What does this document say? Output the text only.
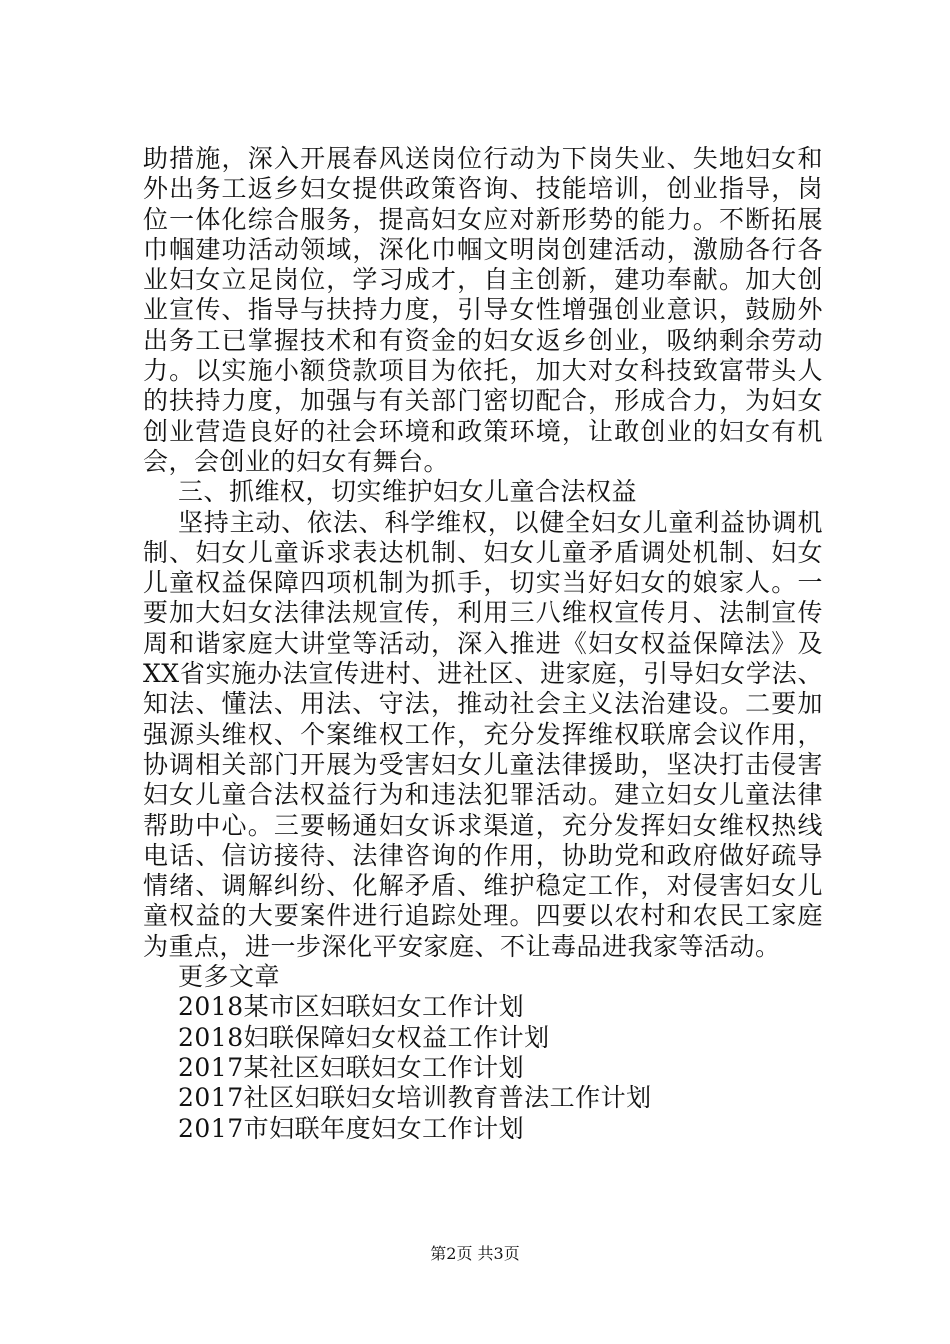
助措施，深入开展春风送岗位行动为下岗失业、失地妇女和外出务工返乡妇女提供政策咨询、技能培训，创业指导，岗位一体化综合服务，提高妇女应对新形势的能力。不断拓展巾帼建功活动领域，深化巾帼文明岗创建活动，激励各行各业妇女立足岗位，学习成才，自主创新，建功奉献。加大创业宣传、指导与扶持力度，引导女性增强创业意识，鼓励外出务工已掌握技术和有资金的妇女返乡创业，吸纳剩余劳动力。以实施小额贷款项目为依托，加大对女科技致富带头人的扶持力度，加强与有关部门密切配合，形成合力，为妇女创业营造良好的社会环境和政策环境，让敢创业的妇女有机会，会创业的妇女有舞台。

三、抓维权，切实维护妇女儿童合法权益

坚持主动、依法、科学维权，以健全妇女儿童利益协调机制、妇女儿童诉求表达机制、妇女儿童矛盾调处机制、妇女儿童权益保障四项机制为抓手，切实当好妇女的娘家人。一要加大妇女法律法规宣传，利用三八维权宣传月、法制宣传周和谐家庭大讲堂等活动，深入推进《妇女权益保障法》及XX省实施办法宣传进村、进社区、进家庭，引导妇女学法、知法、懂法、用法、守法，推动社会主义法治建设。二要加强源头维权、个案维权工作，充分发挥维权联席会议作用，协调相关部门开展为受害妇女儿童法律援助，坚决打击侵害妇女儿童合法权益行为和违法犯罪活动。建立妇女儿童法律帮助中心。三要畅通妇女诉求渠道，充分发挥妇女维权热线电话、信访接待、法律咨询的作用，协助党和政府做好疏导情绪、调解纠纷、化解矛盾、维护稳定工作，对侵害妇女儿童权益的大要案件进行追踪处理。四要以农村和农民工家庭为重点，进一步深化平安家庭、不让毒品进我家等活动。

更多文章

2018某市区妇联妇女工作计划

2018妇联保障妇女权益工作计划

2017某社区妇联妇女工作计划

2017社区妇联妇女培训教育普法工作计划

2017市妇联年度妇女工作计划

第2页 共3页
